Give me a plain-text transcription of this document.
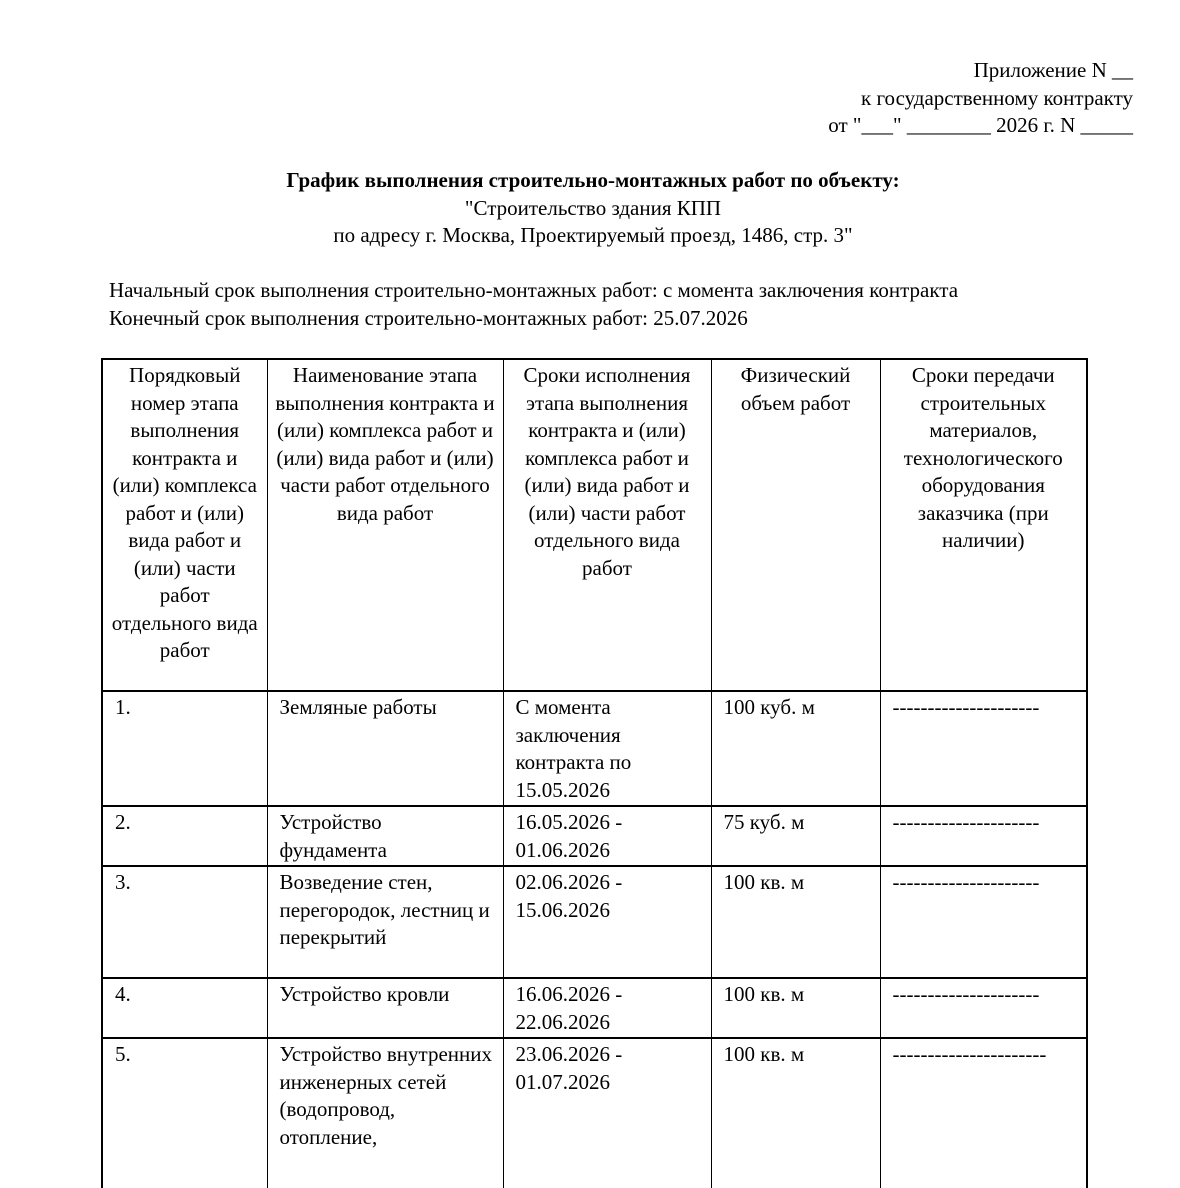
Приложение N __
к государственному контракту
от "___" ________ 2026 г. N _____
График выполнения строительно-монтажных работ по объекту:
"Строительство здания КПП
по адресу г. Москва, Проектируемый проезд, 1486, стр. 3"
Начальный срок выполнения строительно-монтажных работ: с момента заключения контракта
Конечный срок выполнения строительно-монтажных работ: 25.07.2026
Порядковый номер этапа выполнения контракта и (или) комплекса работ и (или) вида работ и (или) части работ отдельного вида работ	Наименование этапа выполнения контракта и (или) комплекса работ и (или) вида работ и (или) части работ отдельного вида работ	Сроки исполнения этапа выполнения контракта и (или) комплекса работ и (или) вида работ и (или) части работ отдельного вида работ	Физический объем работ	Сроки передачи строительных материалов, технологического оборудования заказчика (при наличии)
1.	Земляные работы	С момента заключения контракта по 15.05.2026	100 куб. м	---------------------
2.	Устройство фундамента	16.05.2026 - 01.06.2026	75 куб. м	---------------------
3.	Возведение стен, перегородок, лестниц и перекрытий	02.06.2026 - 15.06.2026	100 кв. м	---------------------
4.	Устройство кровли	16.06.2026 - 22.06.2026	100 кв. м	---------------------
5.	Устройство внутренних инженерных сетей (водопровод, отопление,	23.06.2026 - 01.07.2026	100 кв. м	----------------------
